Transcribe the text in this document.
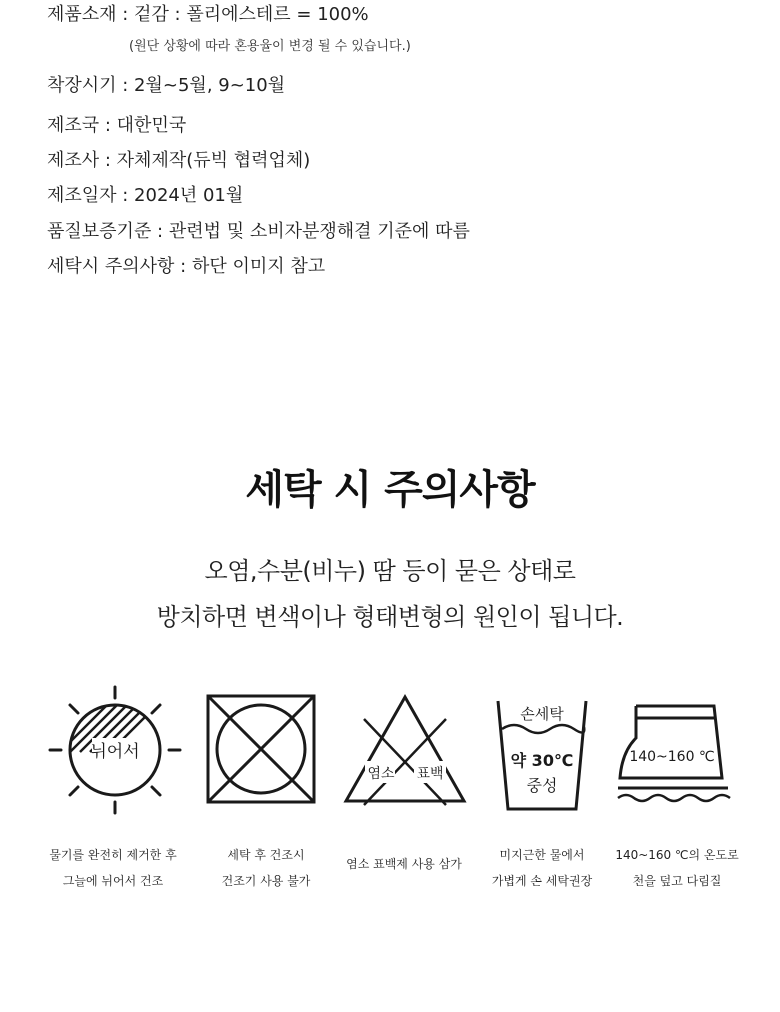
제품소재 : 겉감 : 폴리에스테르 = 100%
(원단 상황에 따라 혼용율이 변경 될 수 있습니다.)
착장시기 : 2월~5월, 9~10월
제조국 : 대한민국
제조사 : 자체제작(듀빅 협력업체)
제조일자 : 2024년 01월
품질보증기준 : 관련법 및 소비자분쟁해결 기준에 따름
세탁시 주의사항 : 하단 이미지 참고
세탁 시 주의사항
오염,수분(비누) 땀 등이 묻은 상태로
방치하면 변색이나 형태변형의 원인이 됩니다.
뉘어서
염소 표백
손세탁
약 30℃
중성
140~160 ℃
물기를 완전히 제거한 후
그늘에 뉘어서 건조
세탁 후 건조시
건조기 사용 불가
염소 표백제 사용 삼가
미지근한 물에서
가볍게 손 세탁권장
140~160 ℃의 온도로
천을 덮고 다림질
